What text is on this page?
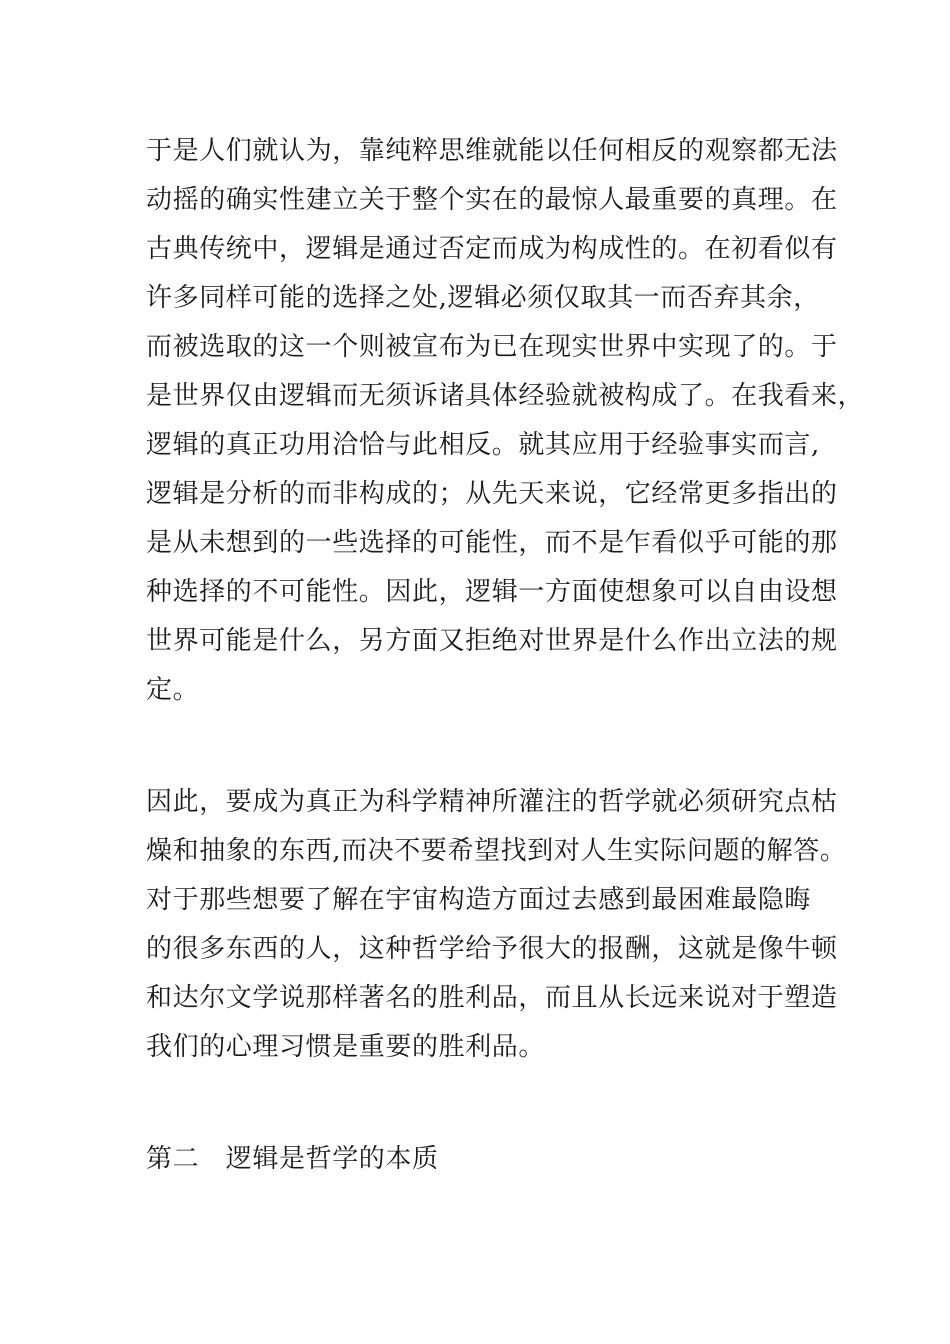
于是人们就认为，靠纯粹思维就能以任何相反的观察都无法
动摇的确实性建立关于整个实在的最惊人最重要的真理。在
古典传统中，逻辑是通过否定而成为构成性的。在初看似有
许多同样可能的选择之处,逻辑必须仅取其一而否弃其余，
而被选取的这一个则被宣布为已在现实世界中实现了的。于
是世界仅由逻辑而无须诉诸具体经验就被构成了。在我看来，
逻辑的真正功用洽恰与此相反。就其应用于经验事实而言,
逻辑是分析的而非构成的；从先天来说，它经常更多指出的
是从未想到的一些选择的可能性，而不是乍看似乎可能的那
种选择的不可能性。因此，逻辑一方面使想象可以自由设想
世界可能是什么，另方面又拒绝对世界是什么作出立法的规
定。
因此，要成为真正为科学精神所灌注的哲学就必须研究点枯
燥和抽象的东西,而决不要希望找到对人生实际问题的解答。
对于那些想要了解在宇宙构造方面过去感到最困难最隐晦
的很多东西的人，这种哲学给予很大的报酬，这就是像牛顿
和达尔文学说那样著名的胜利品，而且从长远来说对于塑造
我们的心理习惯是重要的胜利品。
第二　逻辑是哲学的本质
